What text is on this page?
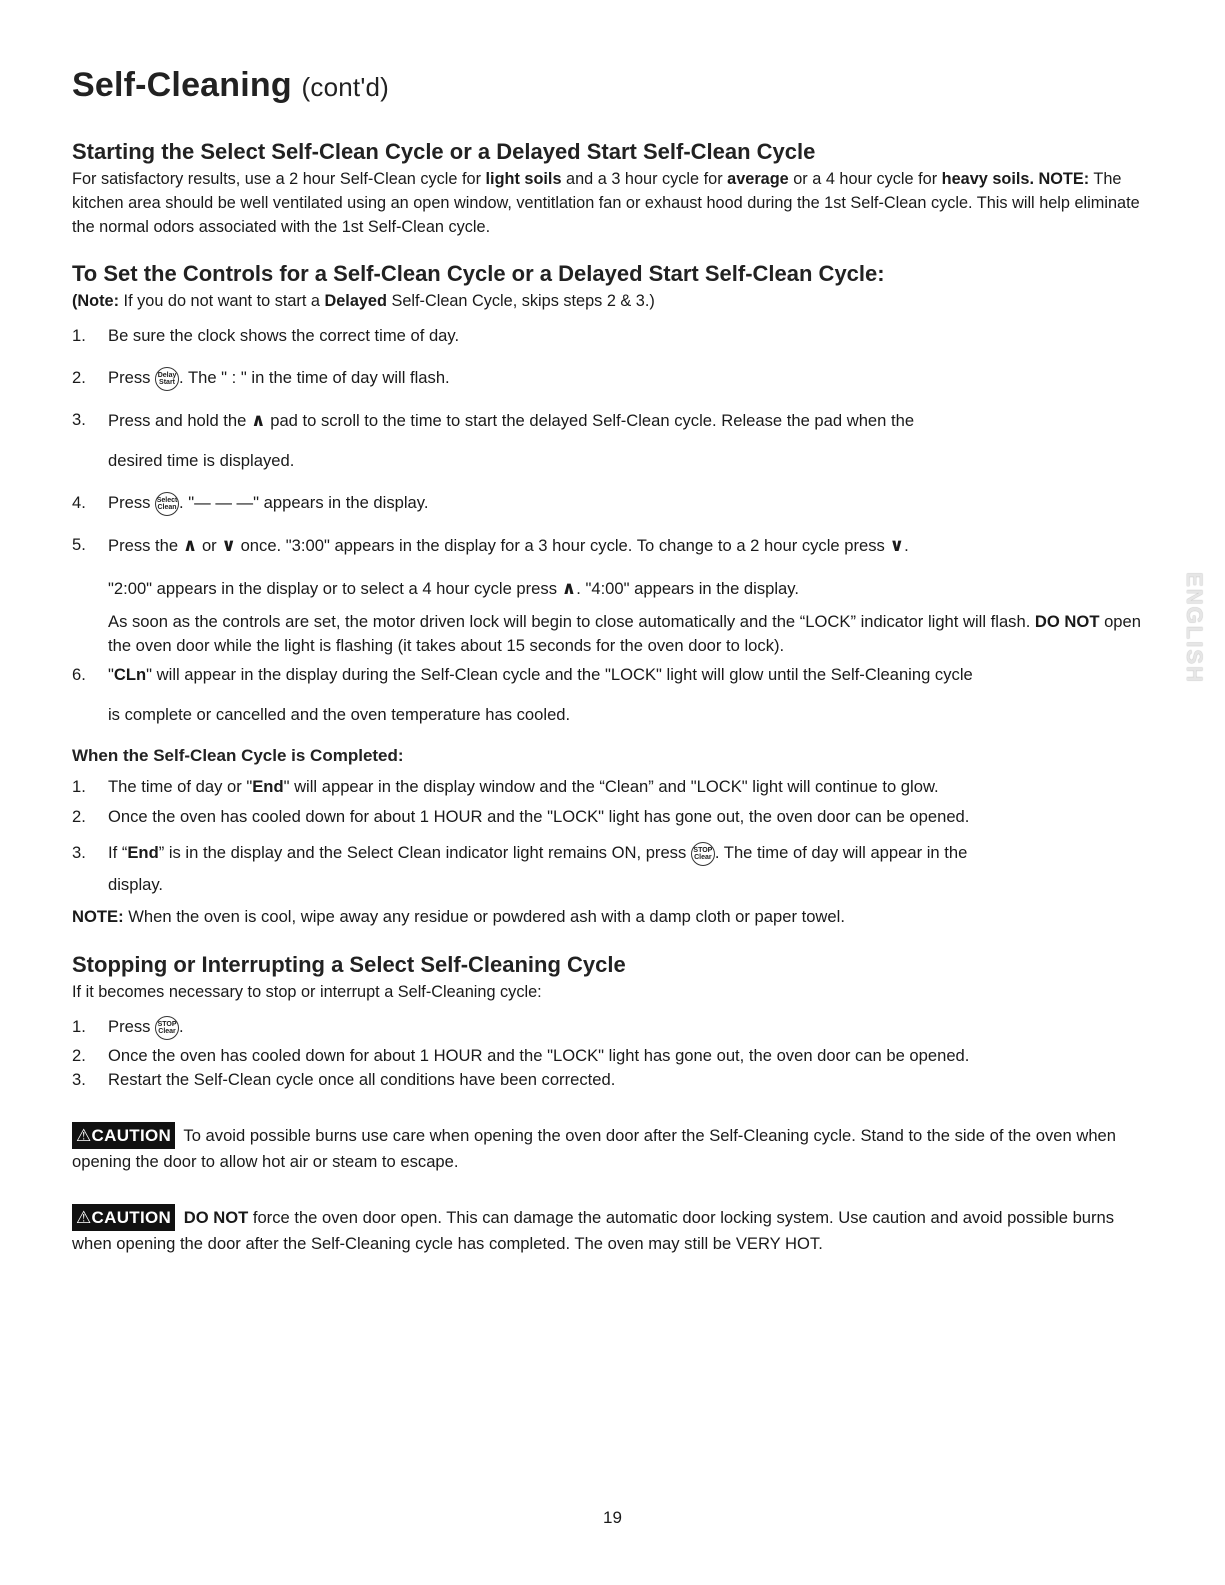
Self-Cleaning (cont'd)
Starting the Select Self-Clean Cycle or a Delayed Start Self-Clean Cycle

For satisfactory results, use a 2 hour Self-Clean cycle for light soils and a 3 hour cycle for average or a 4 hour cycle for heavy soils. NOTE: The kitchen area should be well ventilated using an open window, ventitlation fan or exhaust hood during the 1st Self-Clean cycle. This will help eliminate the normal odors associated with the 1st Self-Clean cycle.

To Set the Controls for a Self-Clean Cycle or a Delayed Start Self-Clean Cycle:

(Note: If you do not want to start a Delayed Self-Clean Cycle, skips steps 2 & 3.)

1.	Be sure the clock shows the correct time of day.
2.	Press Delay Start . The " : " in the time of day will flash.
3.	Press and hold the ∧ pad to scroll to the time to start the delayed Self-Clean cycle. Release the pad when the
desired time is displayed.
4.	Press Select Clean . "— — —" appears in the display.
5.	Press the ∧ or ∨ once. "3:00" appears in the display for a 3 hour cycle. To change to a 2 hour cycle press ∨.
"2:00" appears in the display or to select a 4 hour cycle press ∧. "4:00" appears in the display.
As soon as the controls are set, the motor driven lock will begin to close automatically and the “LOCK” indicator light will flash. DO NOT open the oven door while the light is flashing (it takes about 15 seconds for the oven door to lock).
6.	"CLn" will appear in the display during the Self-Clean cycle and the "LOCK" light will glow until the Self-Cleaning cycle
is complete or cancelled and the oven temperature has cooled.
When the Self-Clean Cycle is Completed:
1.	The time of day or "End" will appear in the display window and the “Clean” and "LOCK" light will continue to glow.
2.	Once the oven has cooled down for about 1 HOUR and the "LOCK" light has gone out, the oven door can be opened.
3.	If “End” is in the display and the Select Clean indicator light remains ON, press STOP Clear . The time of day will appear in the
display.

NOTE: When the oven is cool, wipe away any residue or powdered ash with a damp cloth or paper towel.

Stopping or Interrupting a Select Self-Cleaning Cycle

If it becomes necessary to stop or interrupt a Self-Cleaning cycle:

1.	Press STOP Clear .
2.	Once the oven has cooled down for about 1 HOUR and the "LOCK" light has gone out, the oven door can be opened.
3.	Restart the Self-Clean cycle once all conditions have been corrected.

⚠CAUTION To avoid possible burns use care when opening the oven door after the Self-Cleaning cycle. Stand to the side of the oven when opening the door to allow hot air or steam to escape.

⚠CAUTION DO NOT force the oven door open. This can damage the automatic door locking system. Use caution and avoid possible burns when opening the door after the Self-Cleaning cycle has completed. The oven may still be VERY HOT.

ENGLISH
19
